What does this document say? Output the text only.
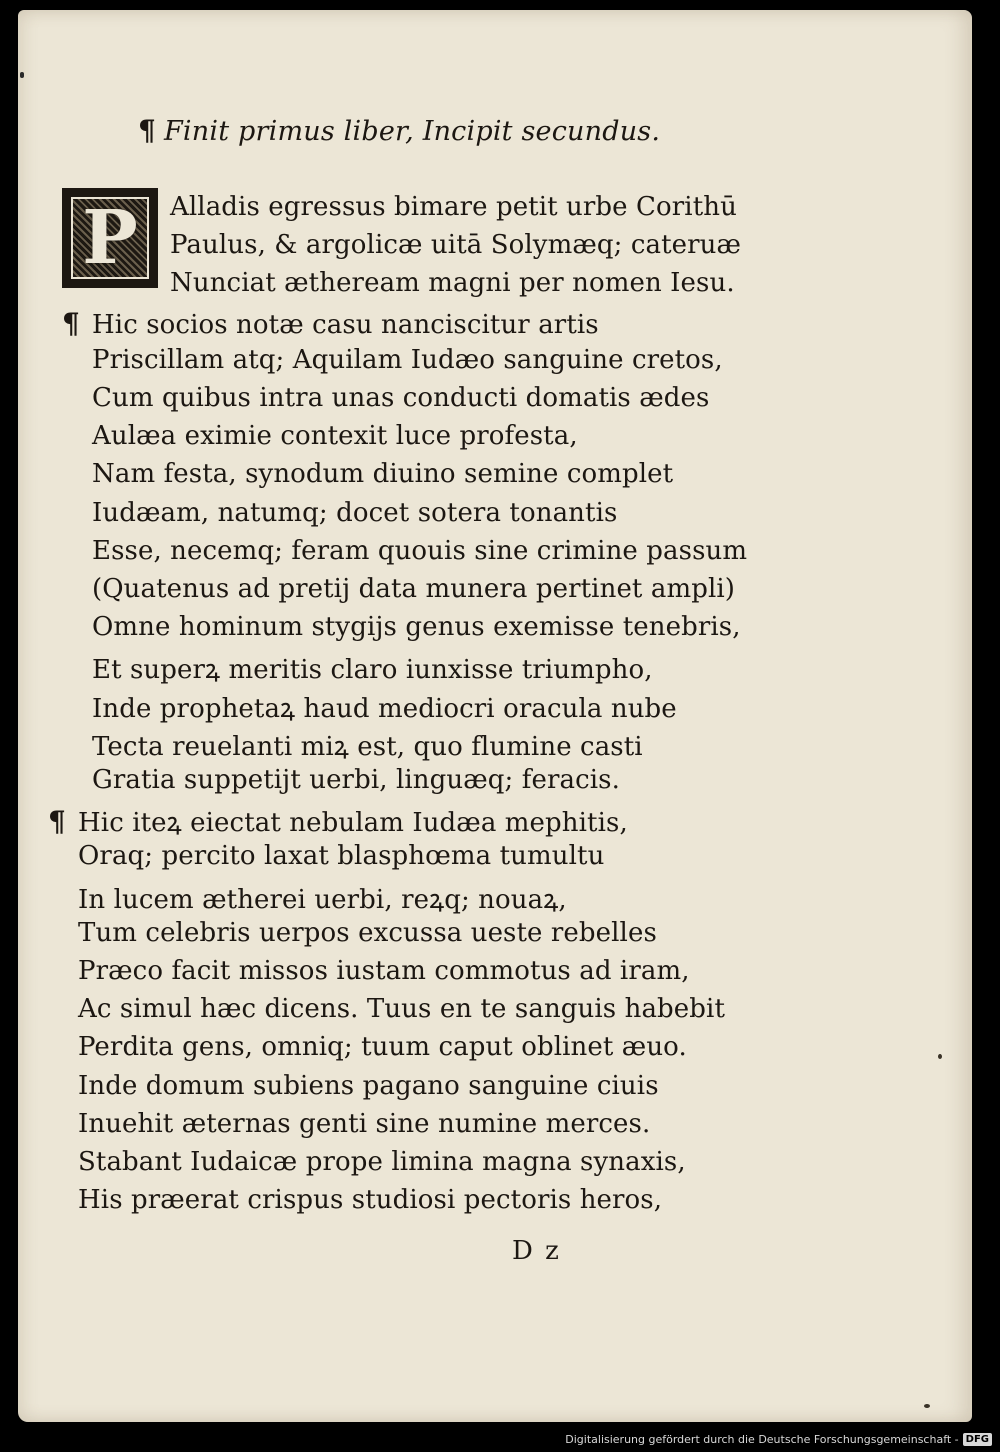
¶ Finit primus liber, Incipit secundus.
P	Alladis egressus bimare petit urbe Corithū
Paulus, & argolicæ uitā Solymæq; cateruæ
Nunciat ætheream magni per nomen Iesu.
¶ Hic socios notæ casu nanciscitur artis
Priscillam atq; Aquilam Iudæo sanguine cretos,
Cum quibus intra unas conducti domatis ædes
Aulæa eximie contexit luce profesta,
Nam festa, synodum diuino semine complet
Iudæam, natumq; docet sotera tonantis
Esse, necemq; feram quouis sine crimine passum
(Quatenus ad pretij data munera pertinet ampli)
Omne hominum stygijs genus exemisse tenebris,
Et superꝝ meritis claro iunxisse triumpho,
Inde prophetaꝝ haud mediocri oracula nube
Tecta reuelanti miꝝ est, quo flumine casti
Gratia suppetijt uerbi, linguæq; feracis.
¶ Hic iteꝝ eiectat nebulam Iudæa mephitis,
Oraq; percito laxat blasphœma tumultu
In lucem ætherei uerbi, reꝝq; nouaꝝ,
Tum celebris uerpos excussa ueste rebelles
Præco facit missos iustam commotus ad iram,
Ac simul hæc dicens. Tuus en te sanguis habebit
Perdita gens, omniq; tuum caput oblinet æuo.
Inde domum subiens pagano sanguine ciuis
Inuehit æternas genti sine numine merces.
Stabant Iudaicæ prope limina magna synaxis,
His præerat crispus studiosi pectoris heros,
D z
Digitalisierung gefördert durch die Deutsche Forschungsgemeinschaft - DFG
